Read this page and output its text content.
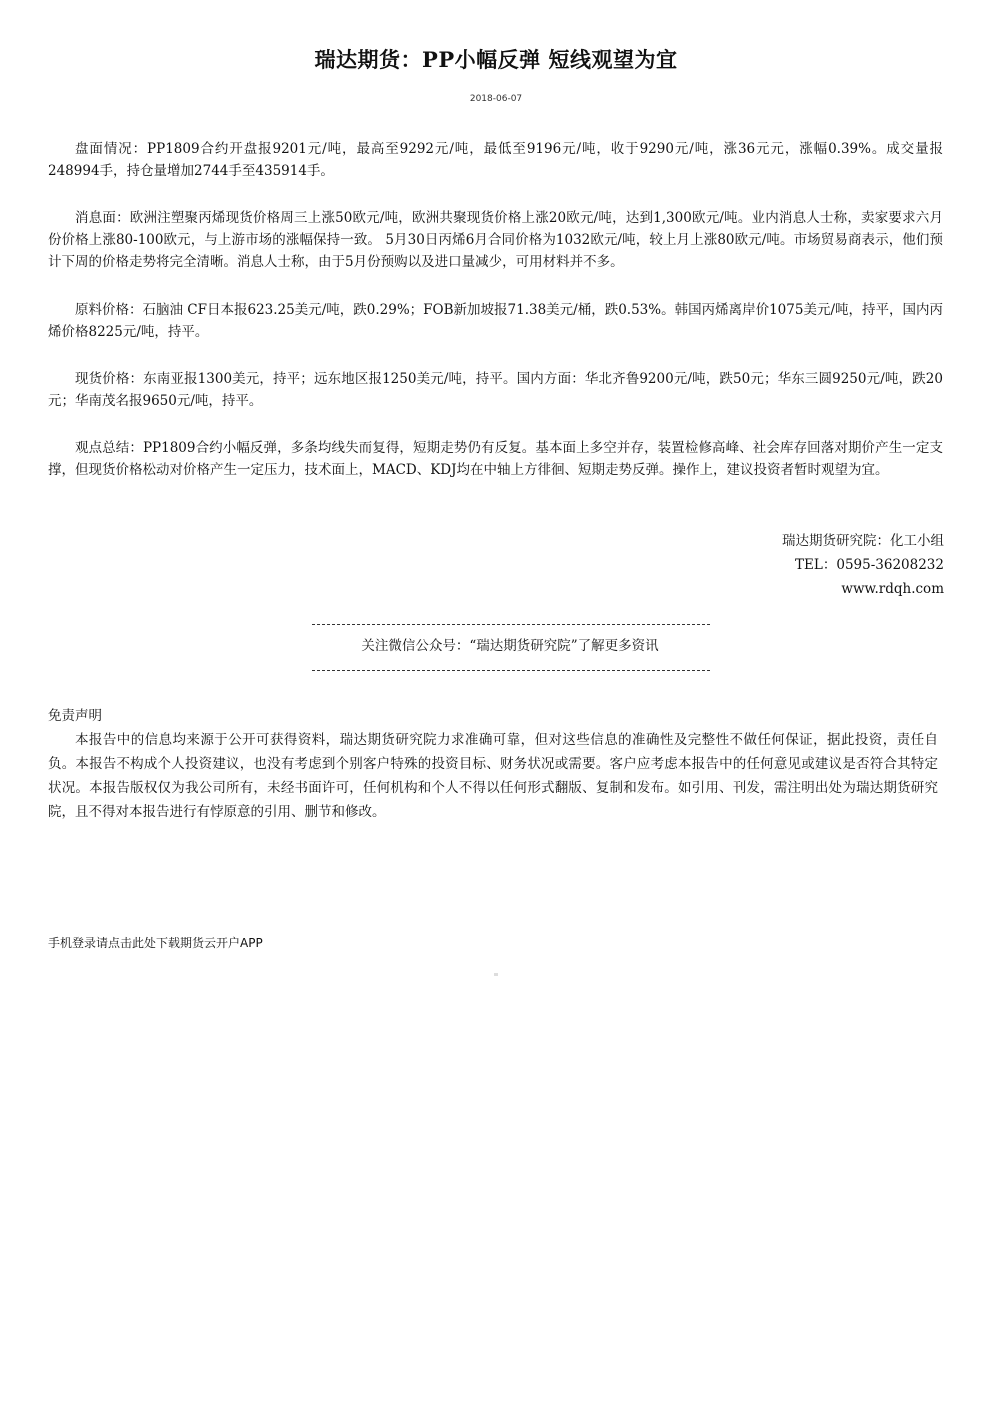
瑞达期货：PP小幅反弹 短线观望为宜
2018-06-07

盘面情况：PP1809合约开盘报9201元/吨，最高至9292元/吨，最低至9196元/吨，收于9290元/吨，涨36元元，涨幅0.39%。成交量报248994手，持仓量增加2744手至435914手。

消息面：欧洲注塑聚丙烯现货价格周三上涨50欧元/吨，欧洲共聚现货价格上涨20欧元/吨，达到1,300欧元/吨。业内消息人士称，卖家要求六月份价格上涨80-100欧元，与上游市场的涨幅保持一致。 5月30日丙烯6月合同价格为1032欧元/吨，较上月上涨80欧元/吨。市场贸易商表示，他们预计下周的价格走势将完全清晰。消息人士称，由于5月份预购以及进口量减少，可用材料并不多。

原料价格：石脑油 CF日本报623.25美元/吨，跌0.29%；FOB新加坡报71.38美元/桶，跌0.53%。韩国丙烯离岸价1075美元/吨，持平，国内丙烯价格8225元/吨，持平。

现货价格：东南亚报1300美元，持平；远东地区报1250美元/吨，持平。国内方面：华北齐鲁9200元/吨，跌50元；华东三圆9250元/吨，跌20元；华南茂名报9650元/吨，持平。

观点总结：PP1809合约小幅反弹，多条均线失而复得，短期走势仍有反复。基本面上多空并存，装置检修高峰、社会库存回落对期价产生一定支撑，但现货价格松动对价格产生一定压力，技术面上，MACD、KDJ均在中轴上方徘徊、短期走势反弹。操作上，建议投资者暂时观望为宜。

瑞达期货研究院：化工小组
TEL：0595-36208232
www.rdqh.com
关注微信公众号：“瑞达期货研究院”了解更多资讯
免责声明

本报告中的信息均来源于公开可获得资料，瑞达期货研究院力求准确可靠，但对这些信息的准确性及完整性不做任何保证，据此投资，责任自负。本报告不构成个人投资建议，也没有考虑到个别客户特殊的投资目标、财务状况或需要。客户应考虑本报告中的任何意见或建议是否符合其特定状况。本报告版权仅为我公司所有，未经书面许可，任何机构和个人不得以任何形式翻版、复制和发布。如引用、刊发，需注明出处为瑞达期货研究院，且不得对本报告进行有悖原意的引用、删节和修改。

手机登录请点击此处下载期货云开户APP
